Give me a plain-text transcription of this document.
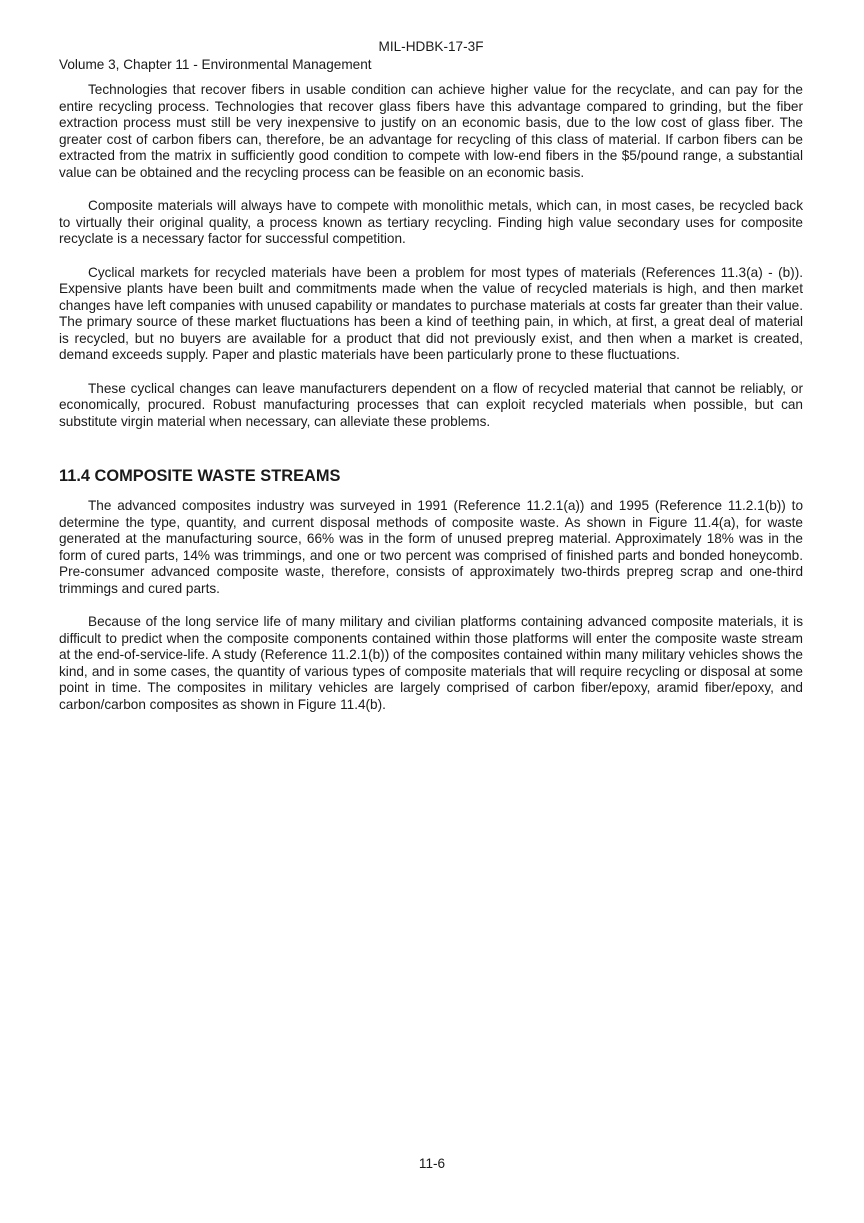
MIL-HDBK-17-3F
Volume 3, Chapter 11 - Environmental Management

Technologies that recover fibers in usable condition can achieve higher value for the recyclate, and can pay for the entire recycling process. Technologies that recover glass fibers have this advantage compared to grinding, but the fiber extraction process must still be very inexpensive to justify on an economic basis, due to the low cost of glass fiber. The greater cost of carbon fibers can, therefore, be an advantage for recycling of this class of material. If carbon fibers can be extracted from the matrix in sufficiently good condition to compete with low-end fibers in the $5/pound range, a substantial value can be obtained and the recycling process can be feasible on an economic basis.

Composite materials will always have to compete with monolithic metals, which can, in most cases, be recycled back to virtually their original quality, a process known as tertiary recycling. Finding high value secondary uses for composite recyclate is a necessary factor for successful competition.

Cyclical markets for recycled materials have been a problem for most types of materials (References 11.3(a) - (b)). Expensive plants have been built and commitments made when the value of recycled materials is high, and then market changes have left companies with unused capability or mandates to purchase materials at costs far greater than their value. The primary source of these market fluctuations has been a kind of teething pain, in which, at first, a great deal of material is recycled, but no buyers are available for a product that did not previously exist, and then when a market is created, demand exceeds supply. Paper and plastic materials have been particularly prone to these fluctuations.

These cyclical changes can leave manufacturers dependent on a flow of recycled material that cannot be reliably, or economically, procured. Robust manufacturing processes that can exploit recycled materials when possible, but can substitute virgin material when necessary, can alleviate these problems.

11.4 COMPOSITE WASTE STREAMS

The advanced composites industry was surveyed in 1991 (Reference 11.2.1(a)) and 1995 (Reference 11.2.1(b)) to determine the type, quantity, and current disposal methods of composite waste. As shown in Figure 11.4(a), for waste generated at the manufacturing source, 66% was in the form of unused prepreg material. Approximately 18% was in the form of cured parts, 14% was trimmings, and one or two percent was comprised of finished parts and bonded honeycomb. Pre-consumer advanced composite waste, therefore, consists of approximately two-thirds prepreg scrap and one-third trimmings and cured parts.

Because of the long service life of many military and civilian platforms containing advanced composite materials, it is difficult to predict when the composite components contained within those platforms will enter the composite waste stream at the end-of-service-life. A study (Reference 11.2.1(b)) of the composites contained within many military vehicles shows the kind, and in some cases, the quantity of various types of composite materials that will require recycling or disposal at some point in time. The composites in military vehicles are largely comprised of carbon fiber/epoxy, aramid fiber/epoxy, and carbon/carbon composites as shown in Figure 11.4(b).

11-6
